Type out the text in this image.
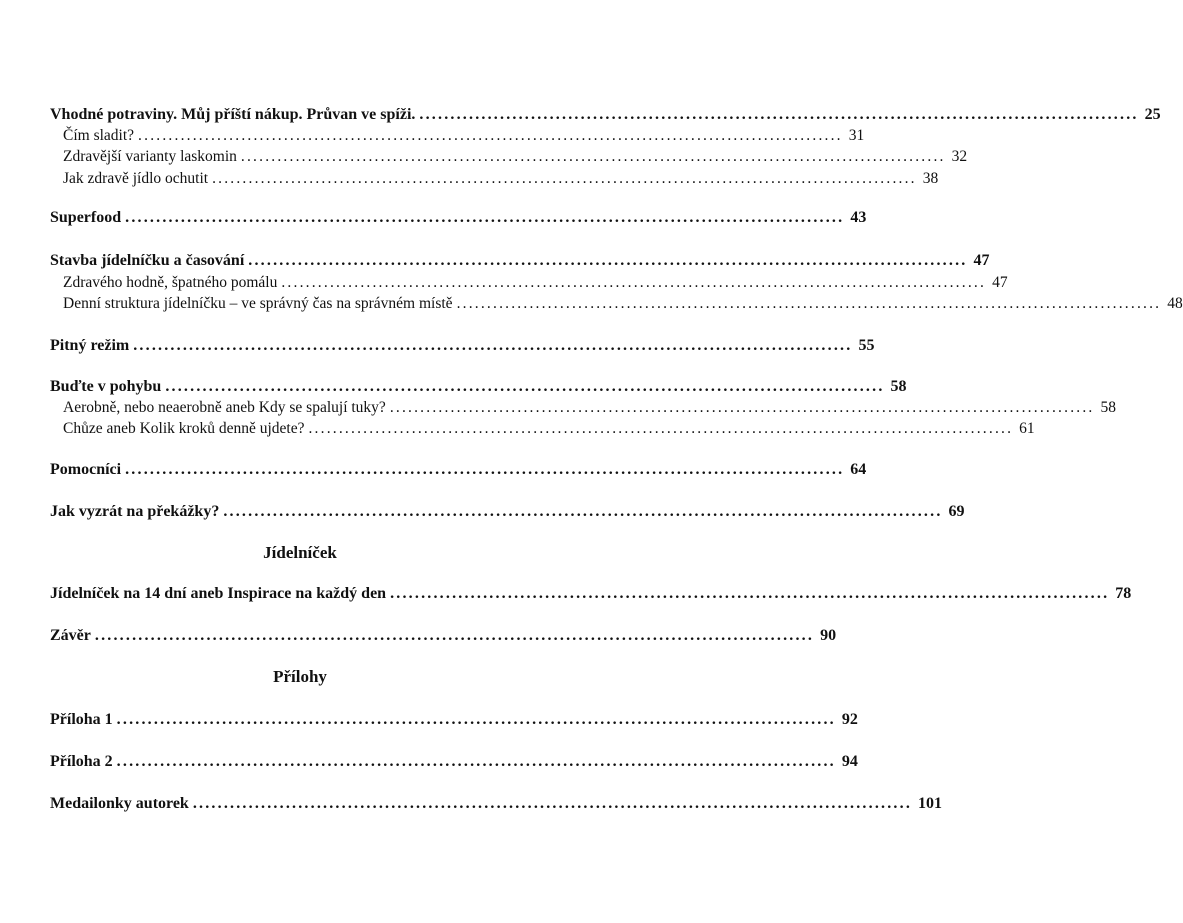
Vhodné potraviny. Můj příští nákup. Průvan ve spíži. .................................................................................................................... 25
Čím sladit? .................................................................................................................... 31
Zdravější varianty laskomin .................................................................................................................... 32
Jak zdravě jídlo ochutit .................................................................................................................... 38
Superfood .................................................................................................................... 43
Stavba jídelníčku a časování .................................................................................................................... 47
Zdravého hodně, špatného pomálu .................................................................................................................... 47
Denní struktura jídelníčku – ve správný čas na správném místě .................................................................................................................... 48
Pitný režim .................................................................................................................... 55
Buďte v pohybu .................................................................................................................... 58
Aerobně, nebo neaerobně aneb Kdy se spalují tuky? .................................................................................................................... 58
Chůze aneb Kolik kroků denně ujdete? .................................................................................................................... 61
Pomocníci .................................................................................................................... 64
Jak vyzrát na překážky? .................................................................................................................... 69
Jídelníček
Jídelníček na 14 dní aneb Inspirace na každý den .................................................................................................................... 78
Závěr .................................................................................................................... 90
Přílohy
Příloha 1 .................................................................................................................... 92
Příloha 2 .................................................................................................................... 94
Medailonky autorek .................................................................................................................... 101
